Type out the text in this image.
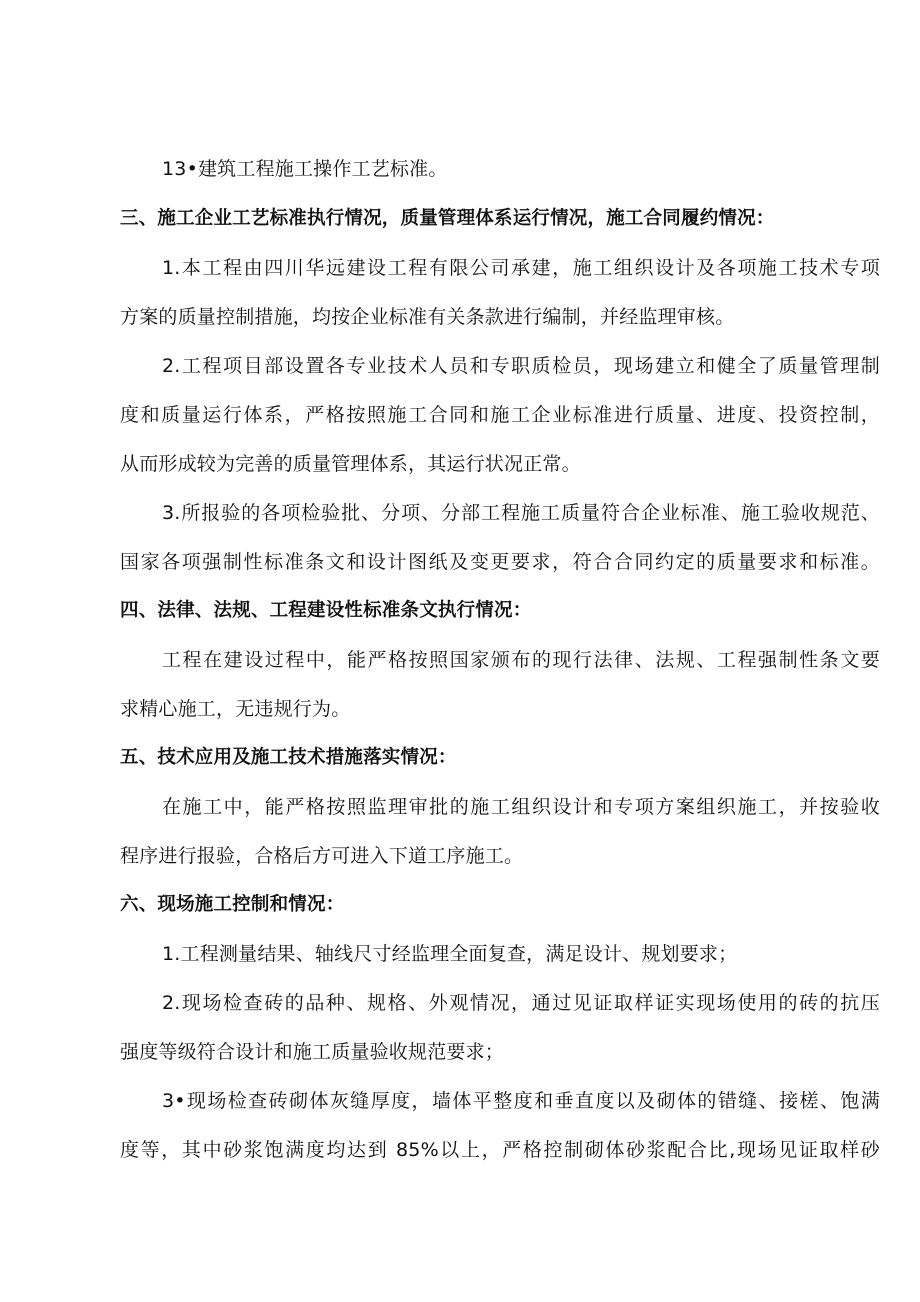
13•建筑工程施工操作工艺标准。
三、施工企业工艺标准执行情况，质量管理体系运行情况，施工合同履约情况：
1.本工程由四川华远建设工程有限公司承建，施工组织设计及各项施工技术专项
方案的质量控制措施，均按企业标准有关条款进行编制，并经监理审核。
2.工程项目部设置各专业技术人员和专职质检员，现场建立和健全了质量管理制
度和质量运行体系，严格按照施工合同和施工企业标准进行质量、进度、投资控制，
从而形成较为完善的质量管理体系，其运行状况正常。
3.所报验的各项检验批、分项、分部工程施工质量符合企业标准、施工验收规范、
国家各项强制性标准条文和设计图纸及变更要求，符合合同约定的质量要求和标准。
四、法律、法规、工程建设性标准条文执行情况：
工程在建设过程中，能严格按照国家颁布的现行法律、法规、工程强制性条文要
求精心施工，无违规行为。
五、技术应用及施工技术措施落实情况：
在施工中，能严格按照监理审批的施工组织设计和专项方案组织施工，并按验收
程序进行报验，合格后方可进入下道工序施工。
六、现场施工控制和情况：
1.工程测量结果、轴线尺寸经监理全面复查，满足设计、规划要求；
2.现场检查砖的品种、规格、外观情况，通过见证取样证实现场使用的砖的抗压
强度等级符合设计和施工质量验收规范要求；
3•现场检查砖砌体灰缝厚度，墙体平整度和垂直度以及砌体的错缝、接槎、饱满
度等，其中砂浆饱满度均达到 85%以上，严格控制砌体砂浆配合比,现场见证取样砂
